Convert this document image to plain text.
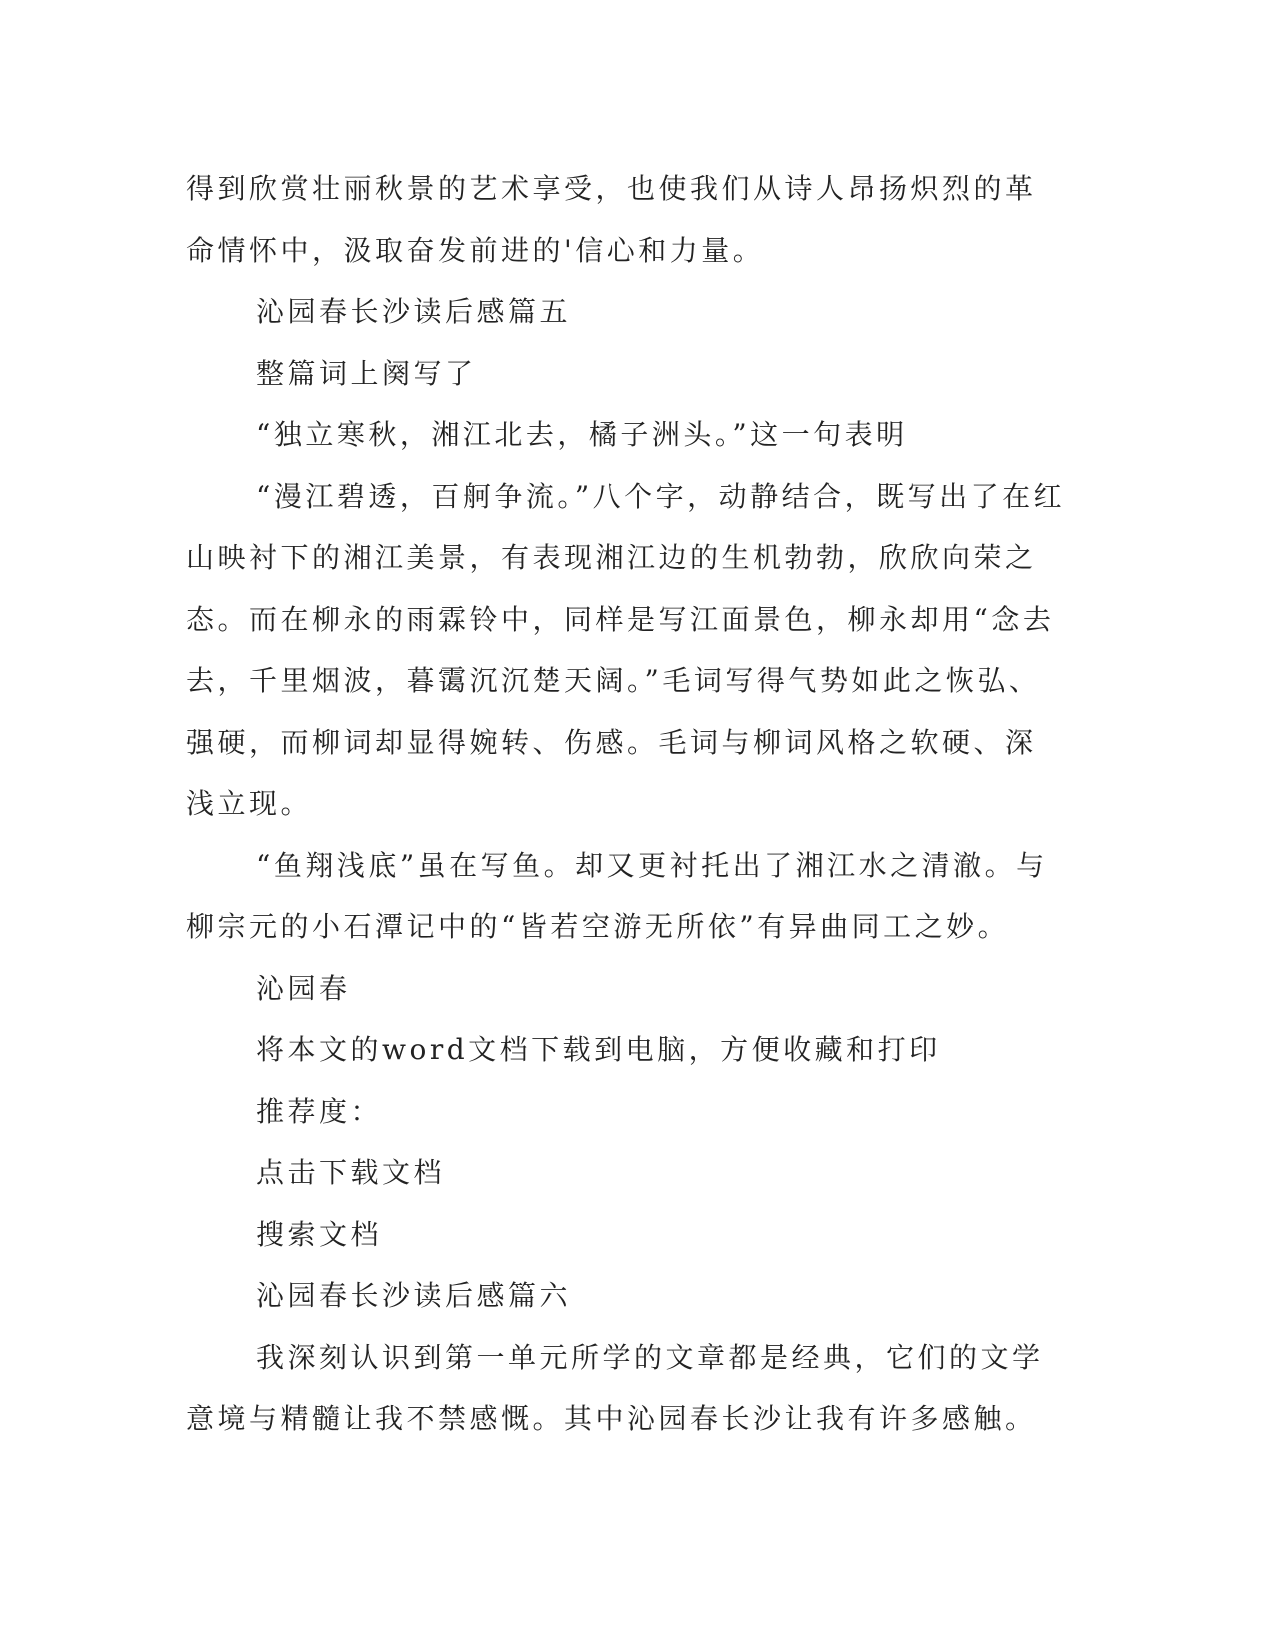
得到欣赏壮丽秋景的艺术享受，也使我们从诗人昂扬炽烈的革命情怀中，汲取奋发前进的'信心和力量。

沁园春长沙读后感篇五

整篇词上阕写了

“独立寒秋，湘江北去，橘子洲头。”这一句表明

“漫江碧透，百舸争流。”八个字，动静结合，既写出了在红山映衬下的湘江美景，有表现湘江边的生机勃勃，欣欣向荣之态。而在柳永的雨霖铃中，同样是写江面景色，柳永却用“念去去，千里烟波，暮霭沉沉楚天阔。”毛词写得气势如此之恢弘、强硬，而柳词却显得婉转、伤感。毛词与柳词风格之软硬、深浅立现。

“鱼翔浅底”虽在写鱼。却又更衬托出了湘江水之清澈。与柳宗元的小石潭记中的“皆若空游无所依”有异曲同工之妙。

沁园春

将本文的word文档下载到电脑，方便收藏和打印

推荐度：

点击下载文档

搜索文档

沁园春长沙读后感篇六

我深刻认识到第一单元所学的文章都是经典，它们的文学意境与精髓让我不禁感慨。其中沁园春长沙让我有许多感触。
